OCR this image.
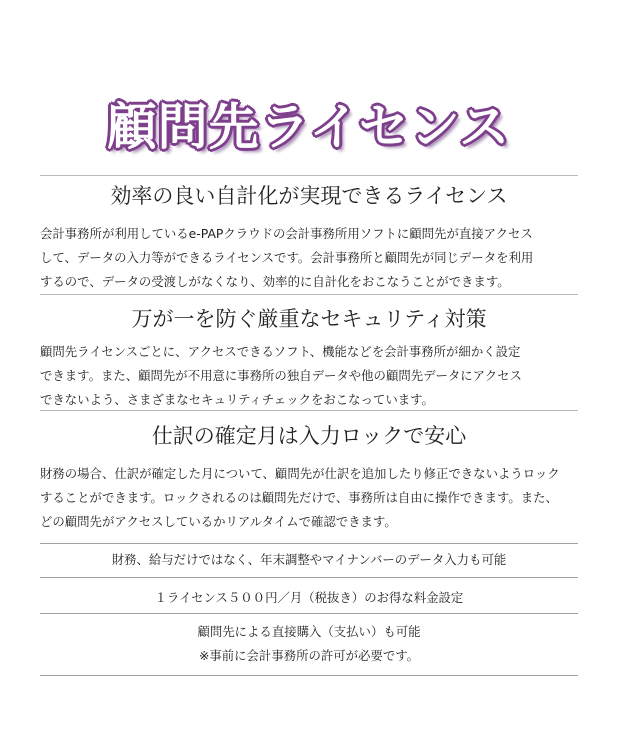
顧問先ライセンス
効率の良い自計化が実現できるライセンス
会計事務所が利用しているe-PAPクラウドの会計事務所用ソフトに顧問先が直接アクセス
して、データの入力等ができるライセンスです。会計事務所と顧問先が同じデータを利用
するので、データの受渡しがなくなり、効率的に自計化をおこなうことができます。
万が一を防ぐ厳重なセキュリティ対策
顧問先ライセンスごとに、アクセスできるソフト、機能などを会計事務所が細かく設定
できます。また、顧問先が不用意に事務所の独自データや他の顧問先データにアクセス
できないよう、さまざまなセキュリティチェックをおこなっています。
仕訳の確定月は入力ロックで安心
財務の場合、仕訳が確定した月について、顧問先が仕訳を追加したり修正できないようロック
することができます。ロックされるのは顧問先だけで、事務所は自由に操作できます。また、
どの顧問先がアクセスしているかリアルタイムで確認できます。
財務、給与だけではなく、年末調整やマイナンバーのデータ入力も可能
１ライセンス５００円／月（税抜き）のお得な料金設定
顧問先による直接購入（支払い）も可能
※事前に会計事務所の許可が必要です。
